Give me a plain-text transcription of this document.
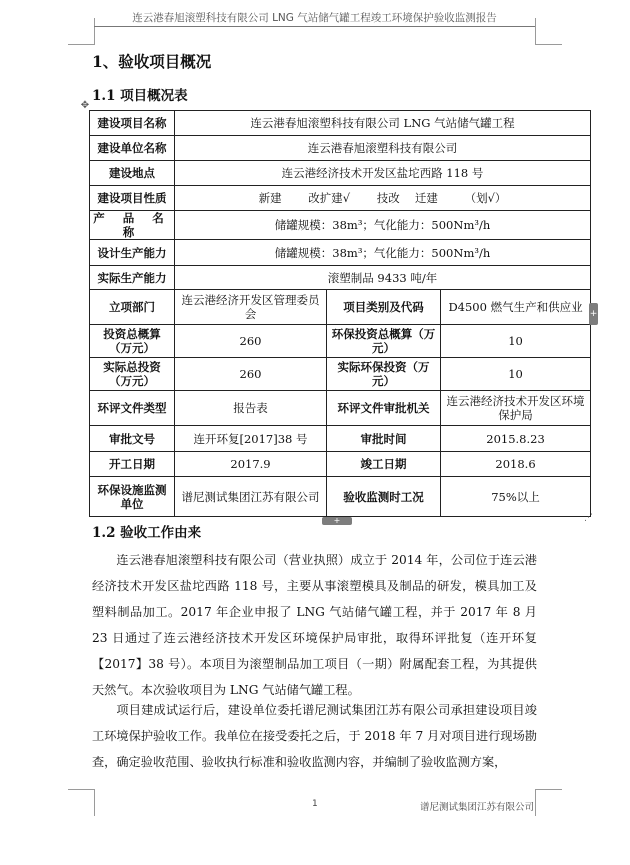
连云港春旭滚塑科技有限公司 LNG 气站储气罐工程竣工环境保护验收监测报告
1、验收项目概况
1.1 项目概况表
✥
建设项目名称	连云港春旭滚塑科技有限公司 LNG 气站储气罐工程		
建设单位名称	连云港春旭滚塑科技有限公司		
建设地点	连云港经济技术开发区盐坨西路 118 号		
建设项目性质	新建   改扩建√   技改  迁建   （划√）		
产 品 名 称	储罐规模：38m³；气化能力：500Nm³/h		
设计生产能力	储罐规模：38m³；气化能力：500Nm³/h		
实际生产能力	滚塑制品 9433 吨/年		
立项部门	连云港经济开发区管理委员会	项目类别及代码	D4500 燃气生产和供应业
投资总概算（万元）	260	环保投资总概算（万元）	10
实际总投资（万元）	260	实际环保投资（万元）	10
环评文件类型	报告表	环评文件审批机关	连云港经济技术开发区环境保护局
审批文号	连开环复[2017]38 号	审批时间	2015.8.23
开工日期	2017.9	竣工日期	2018.6
环保设施监测单位	谱尼测试集团江苏有限公司	验收监测时工况	75%以上
+
+	⋰
1.2 验收工作由来

连云港春旭滚塑科技有限公司（营业执照）成立于 2014 年，公司位于连云港经济技术开发区盐坨西路 118 号，主要从事滚塑模具及制品的研发，模具加工及塑料制品加工。2017 年企业申报了 LNG 气站储气罐工程，并于 2017 年 8 月 23 日通过了连云港经济技术开发区环境保护局审批，取得环评批复（连开环复【2017】38 号）。本项目为滚塑制品加工项目（一期）附属配套工程，为其提供天然气。本次验收项目为 LNG 气站储气罐工程。

项目建成试运行后，建设单位委托谱尼测试集团江苏有限公司承担建设项目竣工环境保护验收工作。我单位在接受委托之后，于 2018 年 7 月对项目进行现场勘查，确定验收范围、验收执行标准和验收监测内容，并编制了验收监测方案，

1	谱尼测试集团江苏有限公司
